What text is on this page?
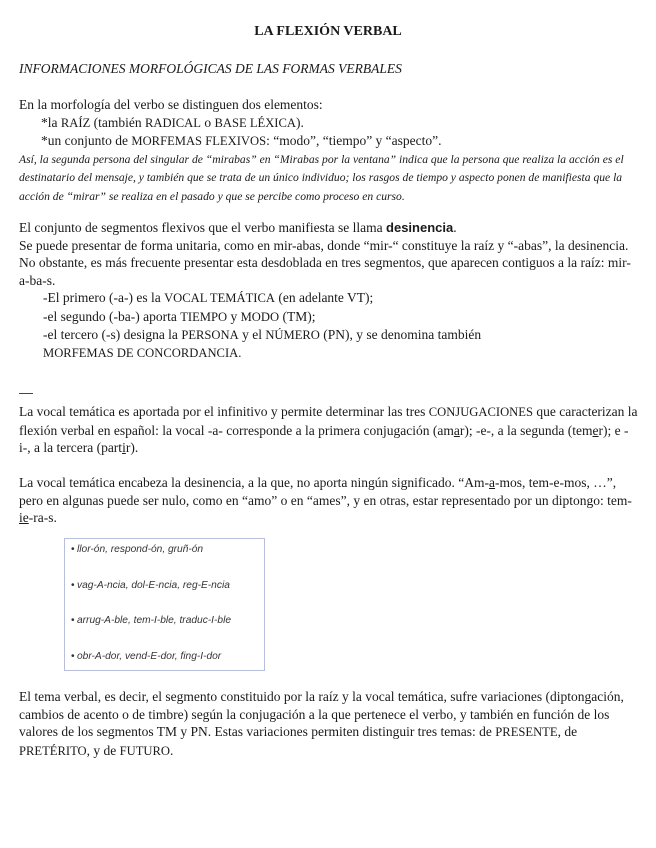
LA FLEXIÓN VERBAL
INFORMACIONES MORFOLÓGICAS DE LAS FORMAS VERBALES
En la morfología del verbo se distinguen dos elementos:
*la RAÍZ (también RADICAL o BASE LÉXICA).
*un conjunto de MORFEMAS FLEXIVOS: “modo”, “tiempo” y “aspecto”.
Así, la segunda persona del singular de “mirabas” en “Mirabas por la ventana” indica que la persona que realiza la acción es el destinatario del mensaje, y también que se trata de un único individuo; los rasgos de tiempo y aspecto ponen de manifiesta que la acción de “mirar” se realiza en el pasado y que se percibe como proceso en curso.
El conjunto de segmentos flexivos que el verbo manifiesta se llama desinencia.
Se puede presentar de forma unitaria, como en mir-abas, donde “mir-“ constituye la raíz y “-abas”, la desinencia.
No obstante, es más frecuente presentar esta desdoblada en tres segmentos, que aparecen contiguos a la raíz: mir-a-ba-s.
-El primero (-a-) es la VOCAL TEMÁTICA (en adelante VT);
-el segundo (-ba-) aporta TIEMPO y MODO (TM);
-el tercero (-s) designa la PERSONA y el NÚMERO (PN), y se denomina también
MORFEMAS DE CONCORDANCIA.
La vocal temática es aportada por el infinitivo y permite determinar las tres CONJUGACIONES que caracterizan la flexión verbal en español: la vocal -a- corresponde a la primera conjugación (amar); -e-, a la segunda (temer); e -i-, a la tercera (partir).
La vocal temática encabeza la desinencia, a la que, no aporta ningún significado. “Am-a-mos, tem-e-mos, …”, pero en algunas puede ser nulo, como en “amo” o en “ames”, y en otras, estar representado por un diptongo: tem-ie-ra-s.
• llor-ón, respond-ón, gruñ-ón
• vag-A-ncia, dol-E-ncia, reg-E-ncia
• arrug-A-ble, tem-I-ble, traduc-I-ble
• obr-A-dor, vend-E-dor, fing-I-dor
El tema verbal, es decir, el segmento constituido por la raíz y la vocal temática, sufre variaciones (diptongación, cambios de acento o de timbre) según la conjugación a la que pertenece el verbo, y también en función de los valores de los segmentos TM y PN. Estas variaciones permiten distinguir tres temas: de PRESENTE, de PRETÉRITO, y de FUTURO.
